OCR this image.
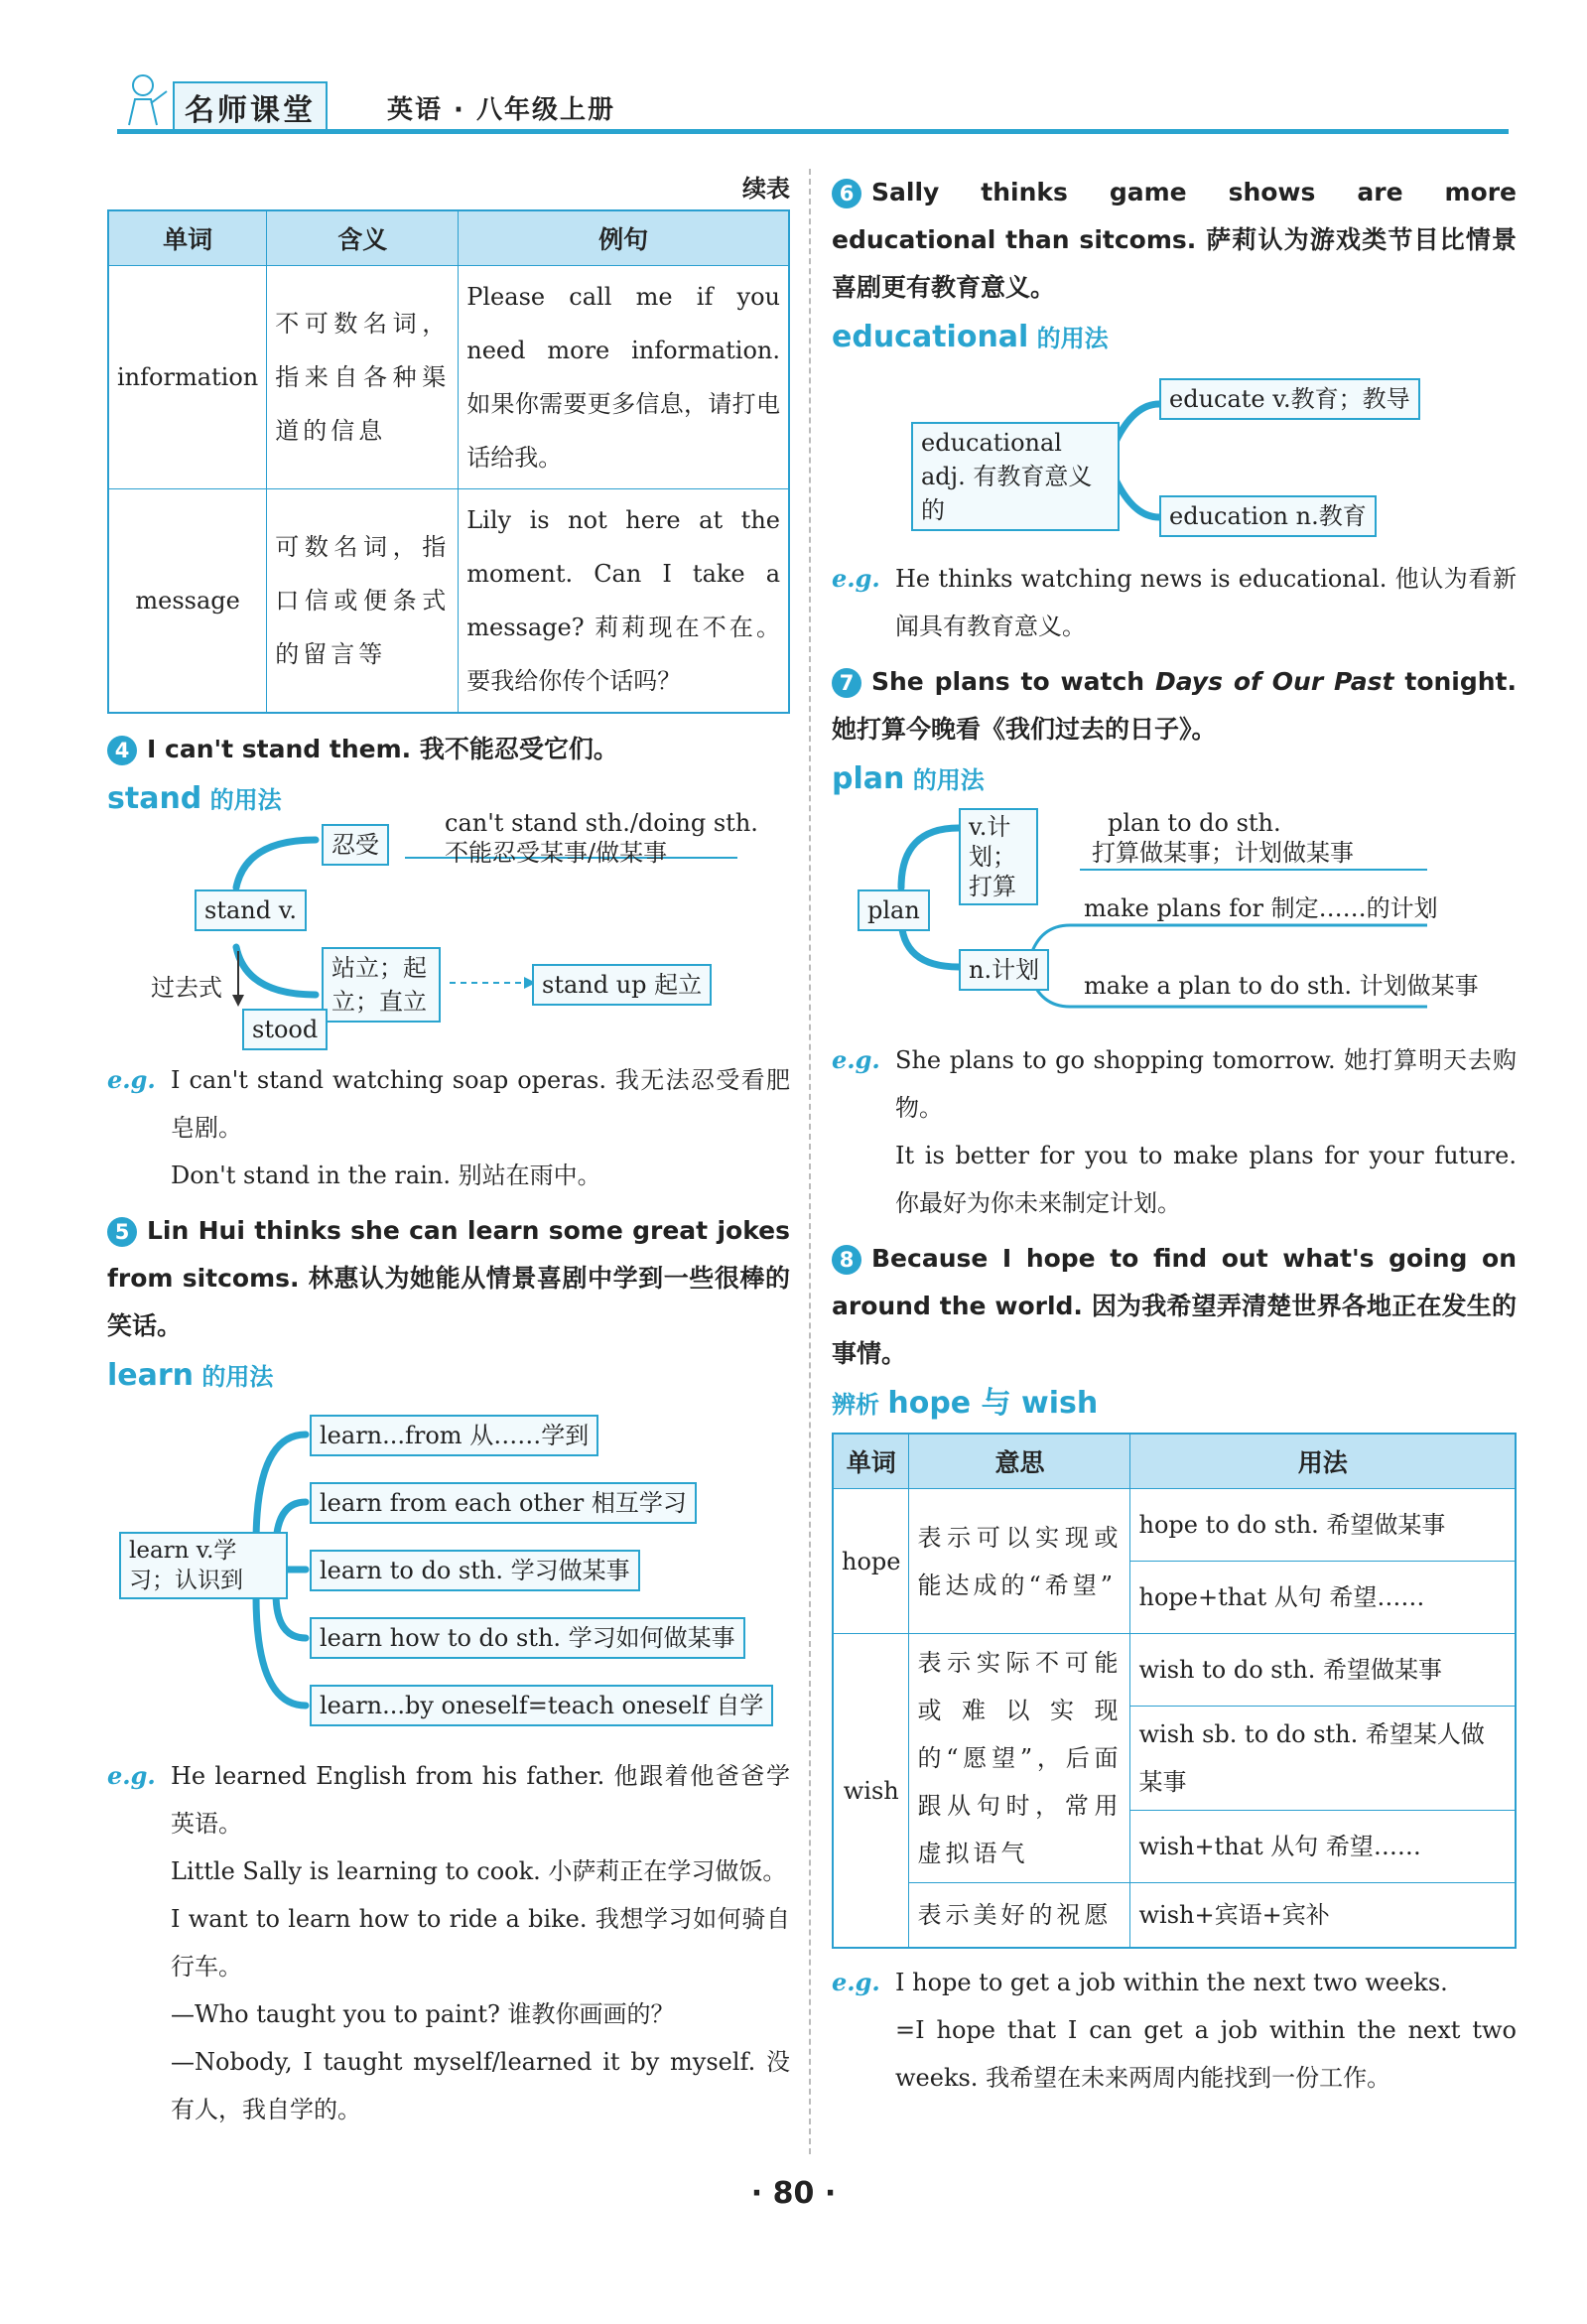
名师课堂	英语 · 八年级上册
续表
单词	含义	例句
information	不可数名词，指来自各种渠道的信息	Please call me if you need more information. 如果你需要更多信息，请打电话给我。
message	可数名词，指口信或便条式的留言等	Lily is not here at the moment. Can I take a message? 莉莉现在不在。要我给你传个话吗？
4 I can't stand them. 我不能忍受它们。
stand 的用法
stand v.
忍受
can't stand sth./doing sth.
不能忍受某事/做某事
站立；起立；直立
stand up 起立
过去式
stood
e.g. I can't stand watching soap operas. 我无法忍受看肥皂剧。
Don't stand in the rain. 别站在雨中。
5 Lin Hui thinks she can learn some great jokes from sitcoms. 林惠认为她能从情景喜剧中学到一些很棒的笑话。
learn 的用法
learn v.学习；认识到
learn...from 从……学到
learn from each other 相互学习
learn to do sth. 学习做某事
learn how to do sth. 学习如何做某事
learn...by oneself=teach oneself 自学
e.g. He learned English from his father. 他跟着他爸爸学英语。
Little Sally is learning to cook. 小萨莉正在学习做饭。
I want to learn how to ride a bike. 我想学习如何骑自行车。
—Who taught you to paint? 谁教你画画的？
—Nobody, I taught myself/learned it by myself. 没有人，我自学的。
6 Sally thinks game shows are more educational than sitcoms. 萨莉认为游戏类节目比情景喜剧更有教育意义。
educational 的用法
educational adj. 有教育意义的
educate v.教育；教导
education n.教育
e.g. He thinks watching news is educational. 他认为看新闻具有教育意义。
7 She plans to watch Days of Our Past tonight. 她打算今晚看《我们过去的日子》。
plan 的用法
plan
v.计划；打算
plan to do sth.
打算做某事；计划做某事
n.计划
make plans for 制定……的计划
make a plan to do sth. 计划做某事
e.g. She plans to go shopping tomorrow. 她打算明天去购物。
It is better for you to make plans for your future. 你最好为你未来制定计划。
8 Because I hope to find out what's going on around the world. 因为我希望弄清楚世界各地正在发生的事情。
辨析 hope 与 wish
单词	意思	用法
hope	表示可以实现或能达成的“希望”	hope to do sth. 希望做某事
		hope+that 从句 希望……
wish	表示实际不可能或难以实现的“愿望”，后面跟从句时，常用虚拟语气	wish to do sth. 希望做某事
		wish sb. to do sth. 希望某人做某事
		wish+that 从句 希望……
	表示美好的祝愿	wish+宾语+宾补
e.g. I hope to get a job within the next two weeks.
=I hope that I can get a job within the next two weeks. 我希望在未来两周内能找到一份工作。
· 80 ·
